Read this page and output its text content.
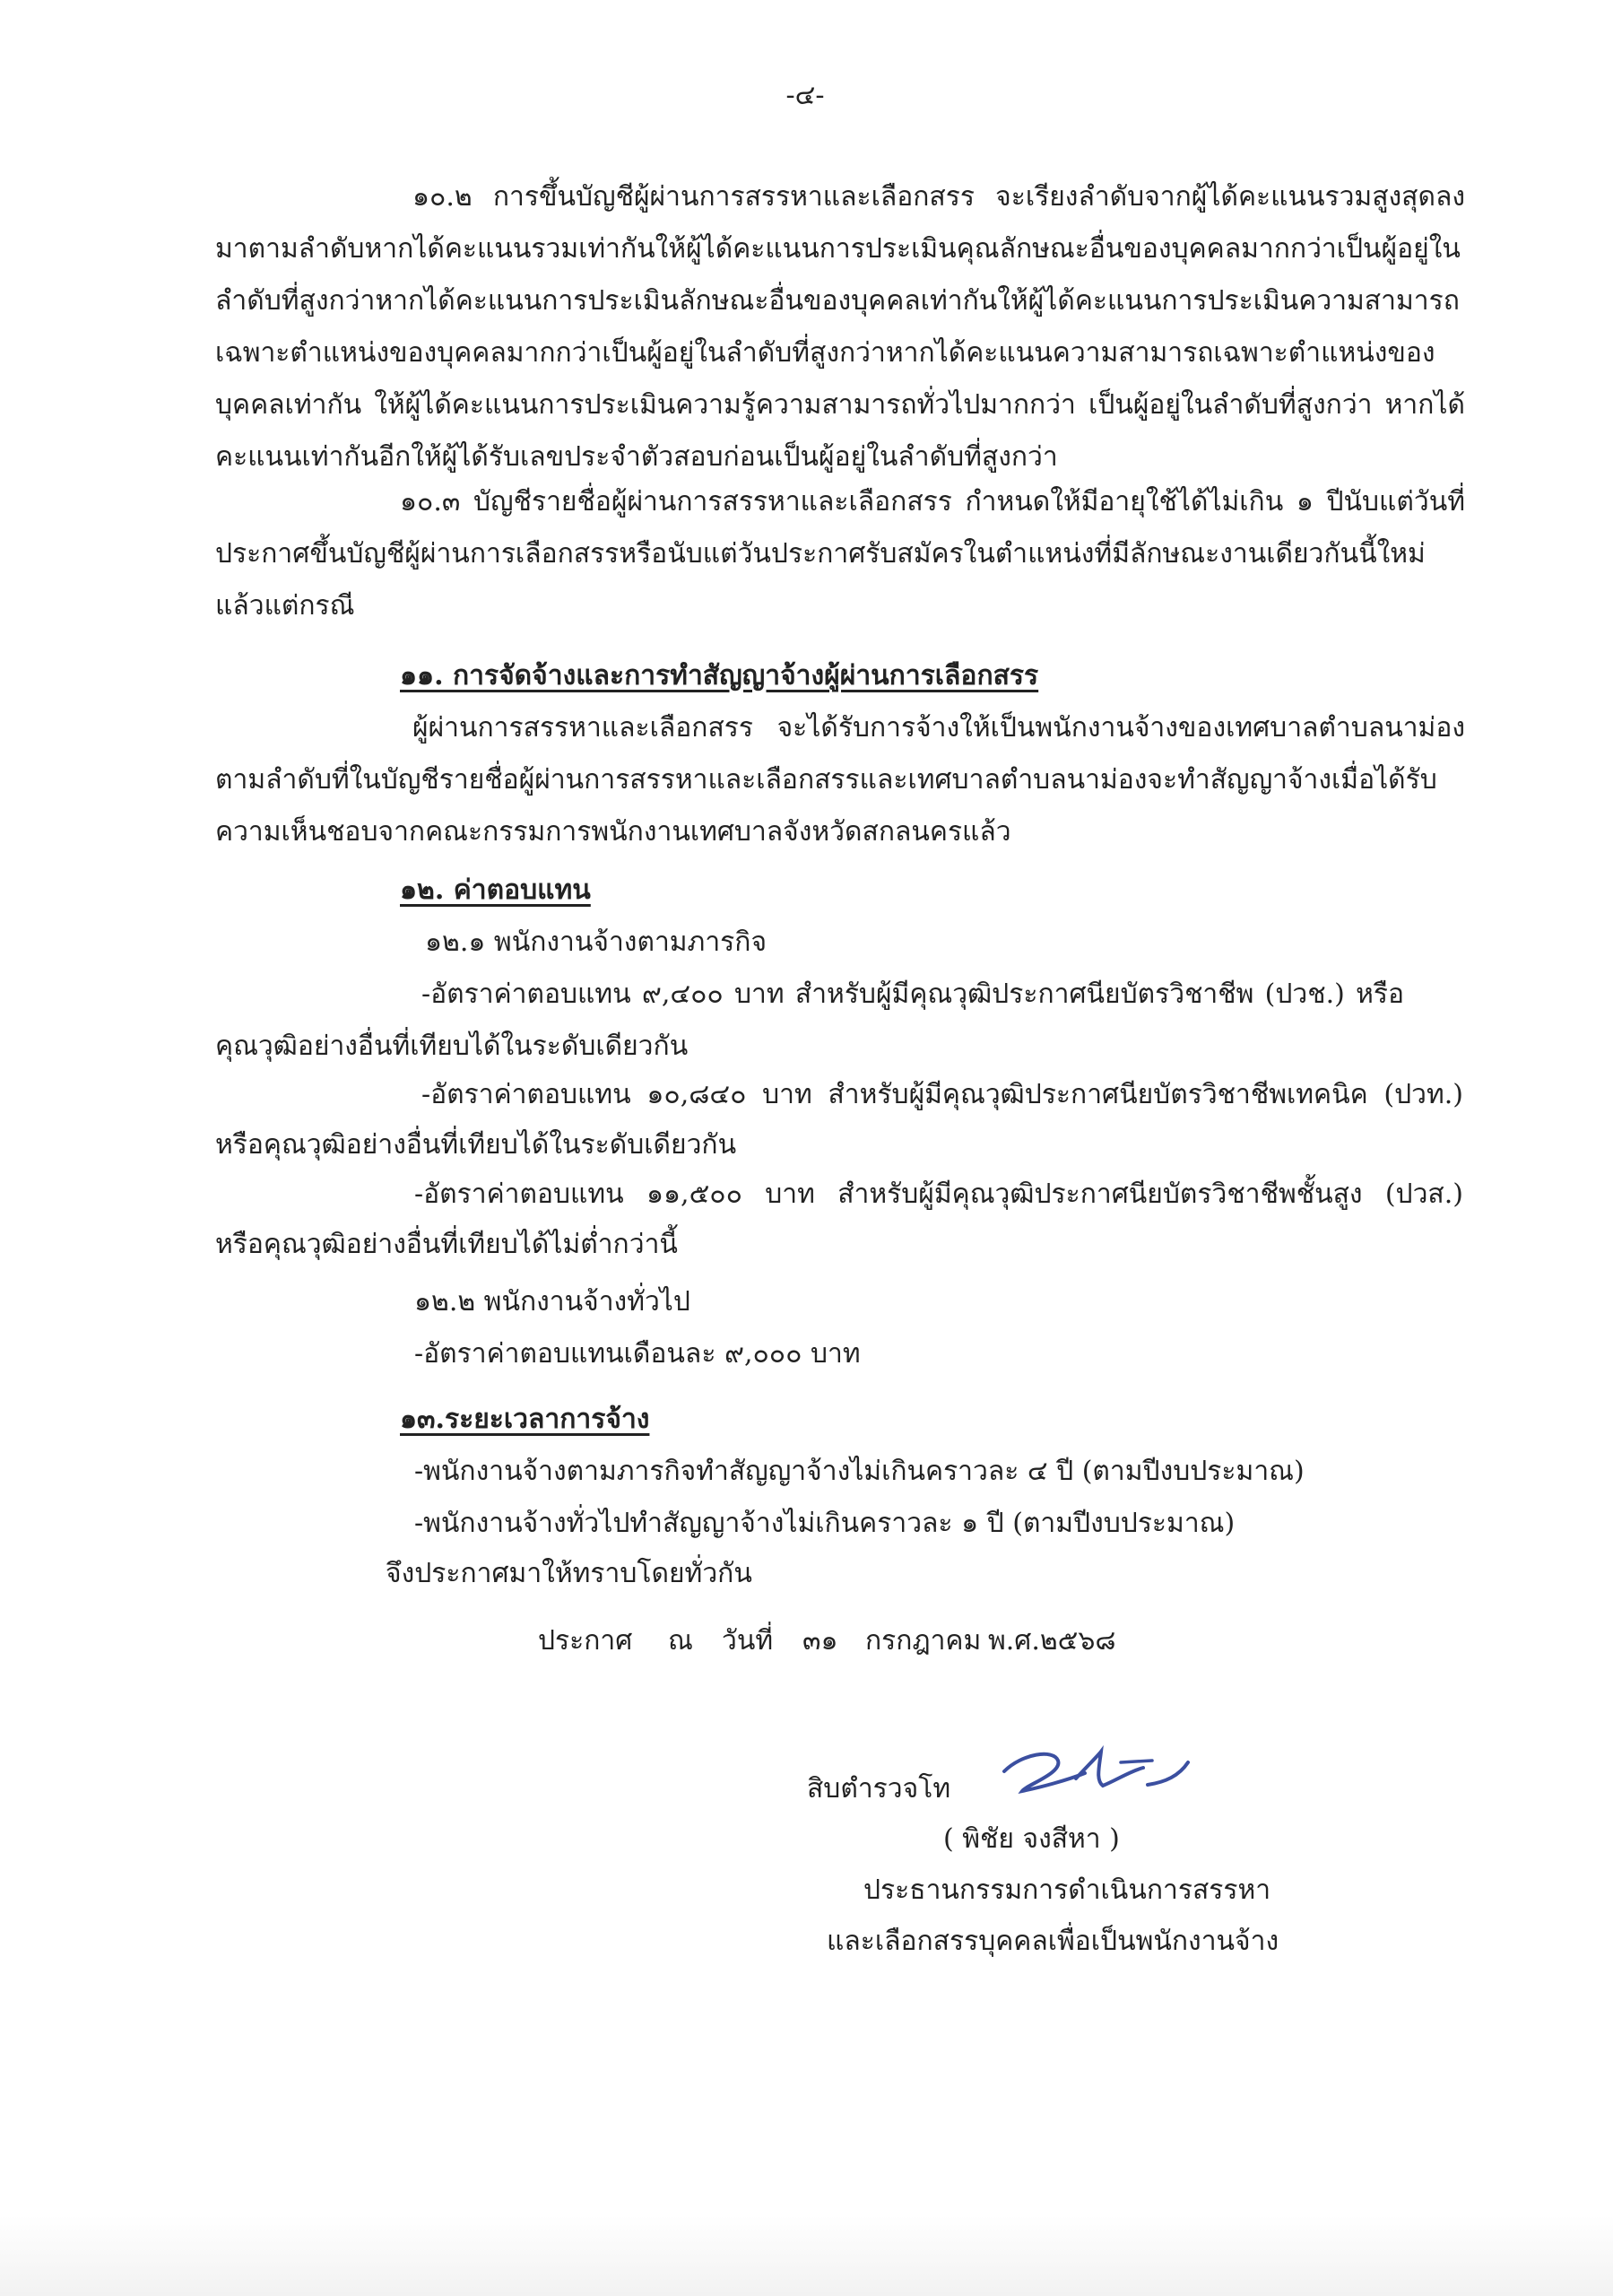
-๔-
๑๐.๒ การขึ้นบัญชีผู้ผ่านการสรรหาและเลือกสรร จะเรียงลำดับจากผู้ได้คะแนนรวมสูงสุดลง
มาตามลำดับหากได้คะแนนรวมเท่ากันให้ผู้ได้คะแนนการประเมินคุณลักษณะอื่นของบุคคลมากกว่าเป็นผู้อยู่ใน
ลำดับที่สูงกว่าหากได้คะแนนการประเมินลักษณะอื่นของบุคคลเท่ากันให้ผู้ได้คะแนนการประเมินความสามารถ
เฉพาะตำแหน่งของบุคคลมากกว่าเป็นผู้อยู่ในลำดับที่สูงกว่าหากได้คะแนนความสามารถเฉพาะตำแหน่งของ
บุคคลเท่ากัน ให้ผู้ได้คะแนนการประเมินความรู้ความสามารถทั่วไปมากกว่า เป็นผู้อยู่ในลำดับที่สูงกว่า หากได้
คะแนนเท่ากันอีกให้ผู้ได้รับเลขประจำตัวสอบก่อนเป็นผู้อยู่ในลำดับที่สูงกว่า
๑๐.๓ บัญชีรายชื่อผู้ผ่านการสรรหาและเลือกสรร กำหนดให้มีอายุใช้ได้ไม่เกิน ๑ ปีนับแต่วันที่
ประกาศขึ้นบัญชีผู้ผ่านการเลือกสรรหรือนับแต่วันประกาศรับสมัครในตำแหน่งที่มีลักษณะงานเดียวกันนี้ใหม่
แล้วแต่กรณี
๑๑. การจัดจ้างและการทำสัญญาจ้างผู้ผ่านการเลือกสรร
ผู้ผ่านการสรรหาและเลือกสรร จะได้รับการจ้างให้เป็นพนักงานจ้างของเทศบาลตำบลนาม่อง
ตามลำดับที่ในบัญชีรายชื่อผู้ผ่านการสรรหาและเลือกสรรและเทศบาลตำบลนาม่องจะทำสัญญาจ้างเมื่อได้รับ
ความเห็นชอบจากคณะกรรมการพนักงานเทศบาลจังหวัดสกลนครแล้ว
๑๒. ค่าตอบแทน
๑๒.๑ พนักงานจ้างตามภารกิจ
-อัตราค่าตอบแทน ๙,๔๐๐ บาท สำหรับผู้มีคุณวุฒิประกาศนียบัตรวิชาชีพ (ปวช.) หรือ
คุณวุฒิอย่างอื่นที่เทียบได้ในระดับเดียวกัน
-อัตราค่าตอบแทน ๑๐,๘๔๐ บาท สำหรับผู้มีคุณวุฒิประกาศนียบัตรวิชาชีพเทคนิค (ปวท.)
หรือคุณวุฒิอย่างอื่นที่เทียบได้ในระดับเดียวกัน
-อัตราค่าตอบแทน ๑๑,๕๐๐ บาท สำหรับผู้มีคุณวุฒิประกาศนียบัตรวิชาชีพชั้นสูง (ปวส.)
หรือคุณวุฒิอย่างอื่นที่เทียบได้ไม่ต่ำกว่านี้
๑๒.๒ พนักงานจ้างทั่วไป
-อัตราค่าตอบแทนเดือนละ ๙,๐๐๐ บาท
๑๓.ระยะเวลาการจ้าง
-พนักงานจ้างตามภารกิจทำสัญญาจ้างไม่เกินคราวละ ๔ ปี (ตามปีงบประมาณ)
-พนักงานจ้างทั่วไปทำสัญญาจ้างไม่เกินคราวละ ๑ ปี (ตามปีงบประมาณ)
จึงประกาศมาให้ทราบโดยทั่วกัน
ประกาศ ณ วันที่ ๓๑ กรกฎาคม พ.ศ.๒๕๖๘
สิบตำรวจโท
( พิชัย จงสีหา )
ประธานกรรมการดำเนินการสรรหา
และเลือกสรรบุคคลเพื่อเป็นพนักงานจ้าง
